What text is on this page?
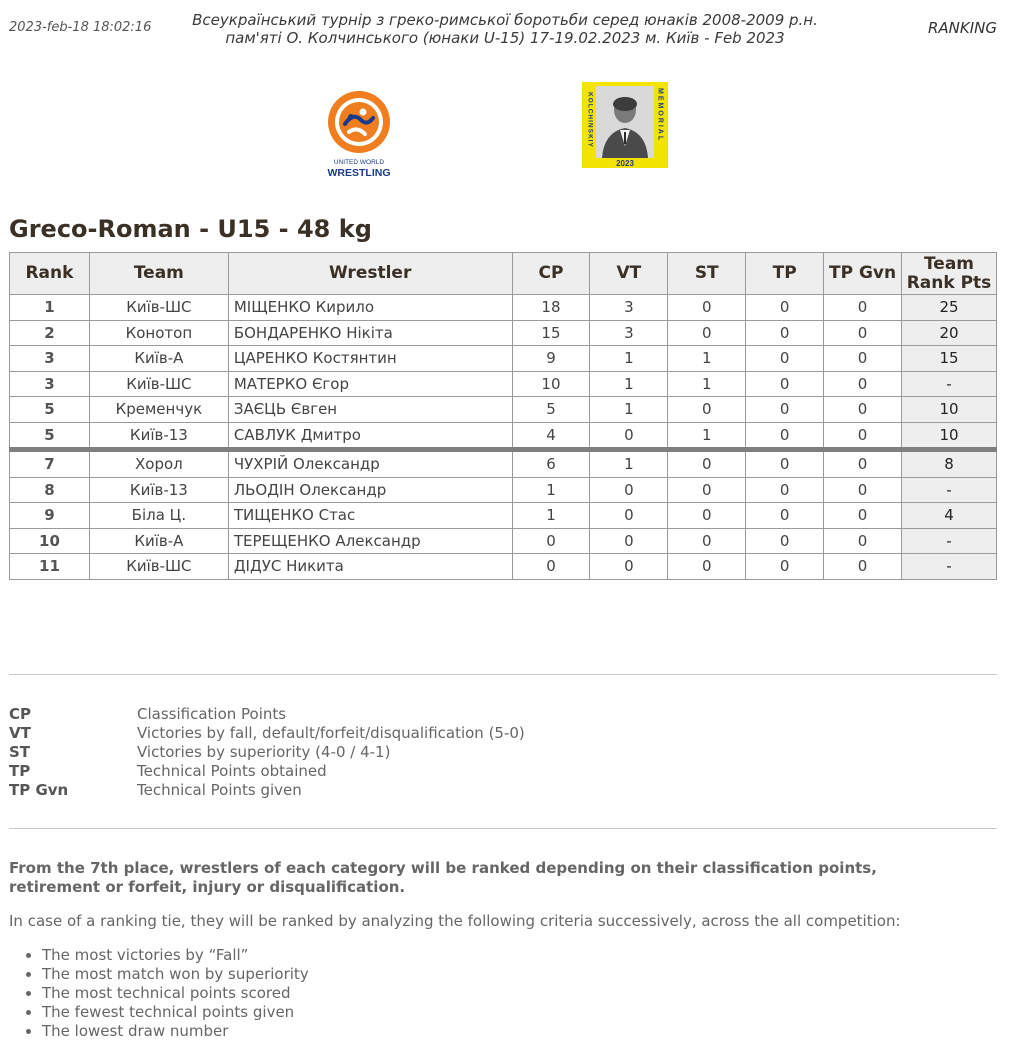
2023-feb-18 18:02:16	Всеукраїнський турнір з греко-римської боротьби серед юнаків 2008-2009 р.н.
пам'яті О. Колчинського (юнаки U-15) 17-19.02.2023 м. Київ - Feb 2023
RANKING
UNITED WORLD
WRESTLING
KOLCHINSKIY	MEMORIAL
2023
Greco-Roman - U15 - 48 kg
Rank	Team	Wrestler	CP	VT	ST	TP	TP Gvn	Team
Rank Pts
1	Київ-ШС	МІЩЕНКО Кирило	18	3	0	0	0	25
2	Конотоп	БОНДАРЕНКО Нікіта	15	3	0	0	0	20
3	Київ-А	ЦАРЕНКО Костянтин	9	1	1	0	0	15
3	Київ-ШС	МАТЕРКО Єгор	10	1	1	0	0	-
5	Кременчук	ЗАЄЦЬ Євген	5	1	0	0	0	10
5	Київ-13	САВЛУК Дмитро	4	0	1	0	0	10
7	Хорол	ЧУХРІЙ Олександр	6	1	0	0	0	8
8	Київ-13	ЛЬОДІН Олександр	1	0	0	0	0	-
9	Біла Ц.	ТИЩЕНКО Стас	1	0	0	0	0	4
10	Київ-А	ТЕРЕЩЕНКО Александр	0	0	0	0	0	-
11	Київ-ШС	ДІДУС Никита	0	0	0	0	0	-
CP	Classification Points
VT	Victories by fall, default/forfeit/disqualification (5-0)
ST	Victories by superiority (4-0 / 4-1)
TP	Technical Points obtained
TP Gvn	Technical Points given
From the 7th place, wrestlers of each category will be ranked depending on their classification points, retirement or forfeit, injury or disqualification.
In case of a ranking tie, they will be ranked by analyzing the following criteria successively, across the all competition:
• The most victories by “Fall”
• The most match won by superiority
• The most technical points scored
• The fewest technical points given
• The lowest draw number
